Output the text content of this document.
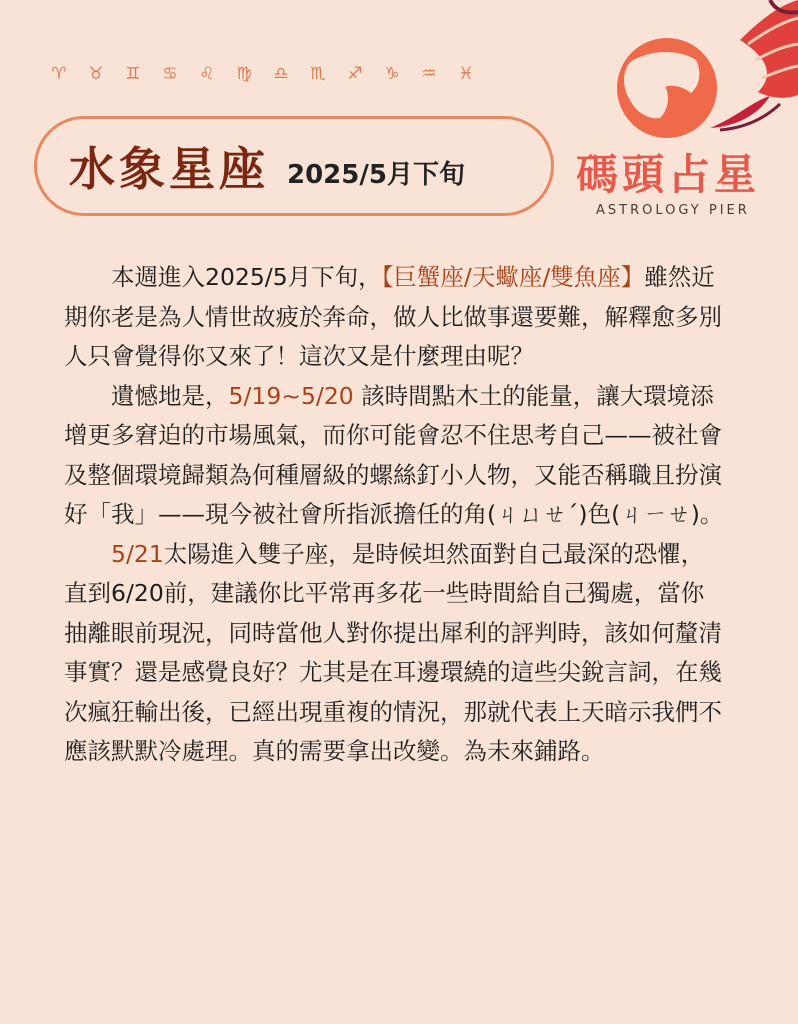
♈ ♉ ♊ ♋ ♌ ♍ ♎ ♏ ♐ ♑ ♒ ♓
水象星座 2025/5月下旬	碼頭占星
ASTROLOGY PIER

本週進入2025/5月下旬，【巨蟹座/天蠍座/雙魚座】雖然近期你老是為人情世故疲於奔命，做人比做事還要難，解釋愈多別人只會覺得你又來了！這次又是什麼理由呢？

遺憾地是，5/19~5/20 該時間點木土的能量，讓大環境添增更多窘迫的市場風氣，而你可能會忍不住思考自己——被社會及整個環境歸類為何種層級的螺絲釘小人物，又能否稱職且扮演好「我」——現今被社會所指派擔任的角(ㄐㄩㄝˊ)色(ㄐㄧㄝ)。

5/21太陽進入雙子座，是時候坦然面對自己最深的恐懼，直到6/20前，建議你比平常再多花一些時間給自己獨處，當你抽離眼前現況，同時當他人對你提出犀利的評判時，該如何釐清事實？還是感覺良好？尤其是在耳邊環繞的這些尖銳言詞，在幾次瘋狂輸出後，已經出現重複的情況，那就代表上天暗示我們不應該默默冷處理。真的需要拿出改變。為未來鋪路。
